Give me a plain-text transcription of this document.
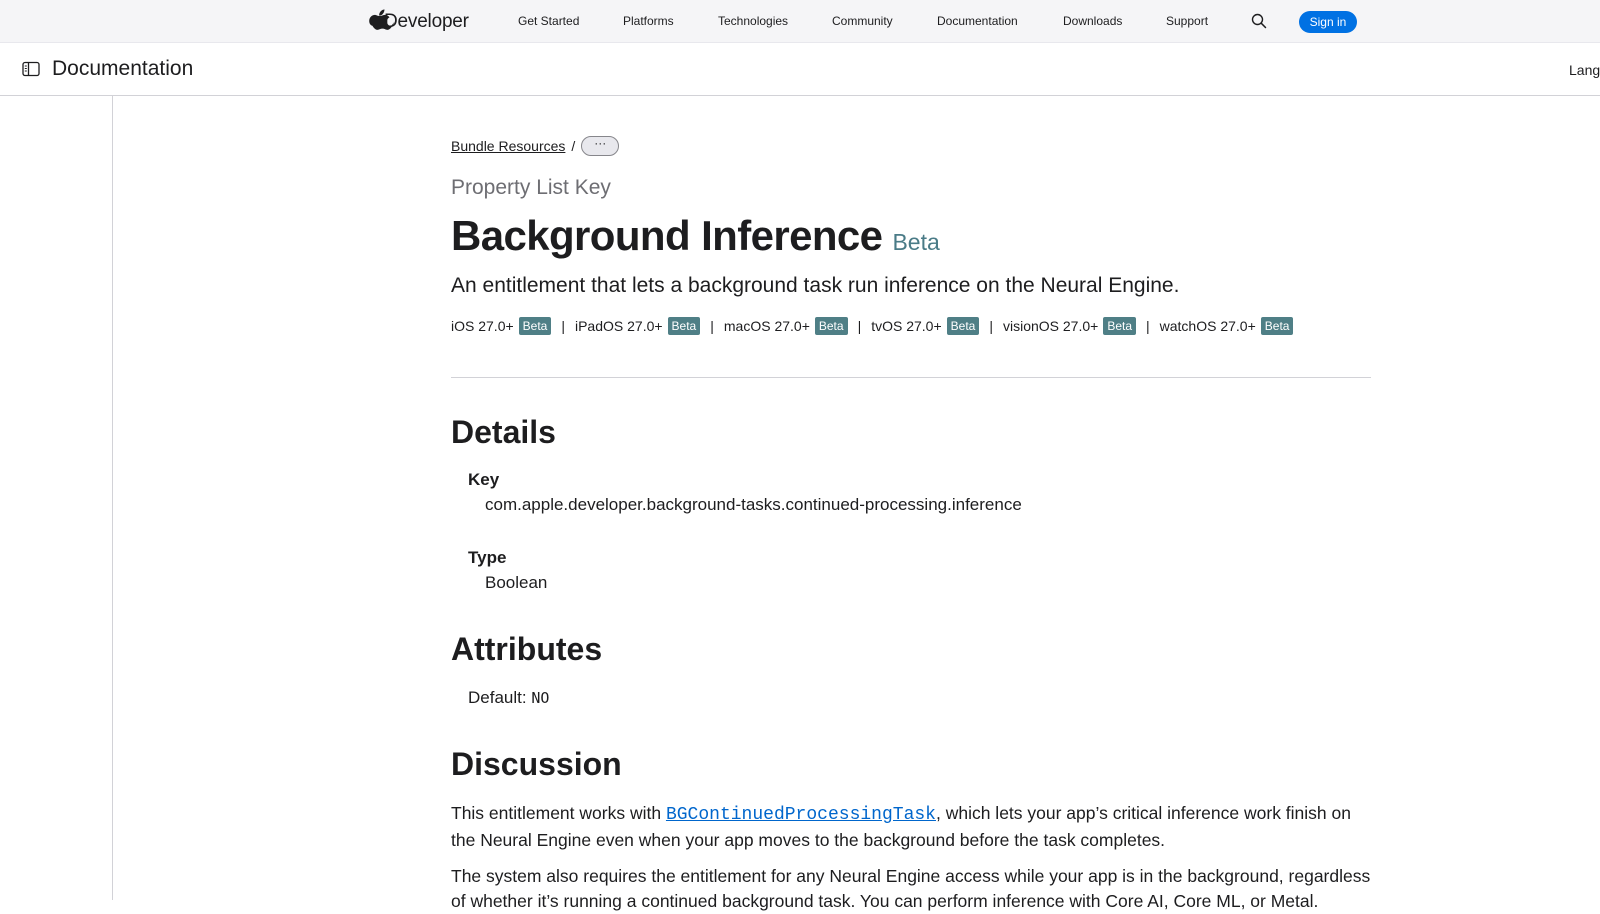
Developer	Get Started	Platforms	Technologies	Community	Documentation	Downloads	Support	Sign in
Documentation	Lang
Bundle Resources /	···
Property List Key
Background Inference Beta

An entitlement that lets a background task run inference on the Neural Engine.

iOS 27.0+ Beta | iPadOS 27.0+ Beta | macOS 27.0+ Beta | tvOS 27.0+ Beta | visionOS 27.0+ Beta | watchOS 27.0+ Beta
Details
Key
com.apple.developer.background-tasks.continued-processing.inference
Type
Boolean
Attributes
Default: NO
Discussion

This entitlement works with BGContinuedProcessingTask, which lets your app’s critical inference work finish on the Neural Engine even when your app moves to the background before the task completes.

The system also requires the entitlement for any Neural Engine access while your app is in the background, regardless of whether it’s running a continued background task. You can perform inference with Core AI, Core ML, or Metal.
